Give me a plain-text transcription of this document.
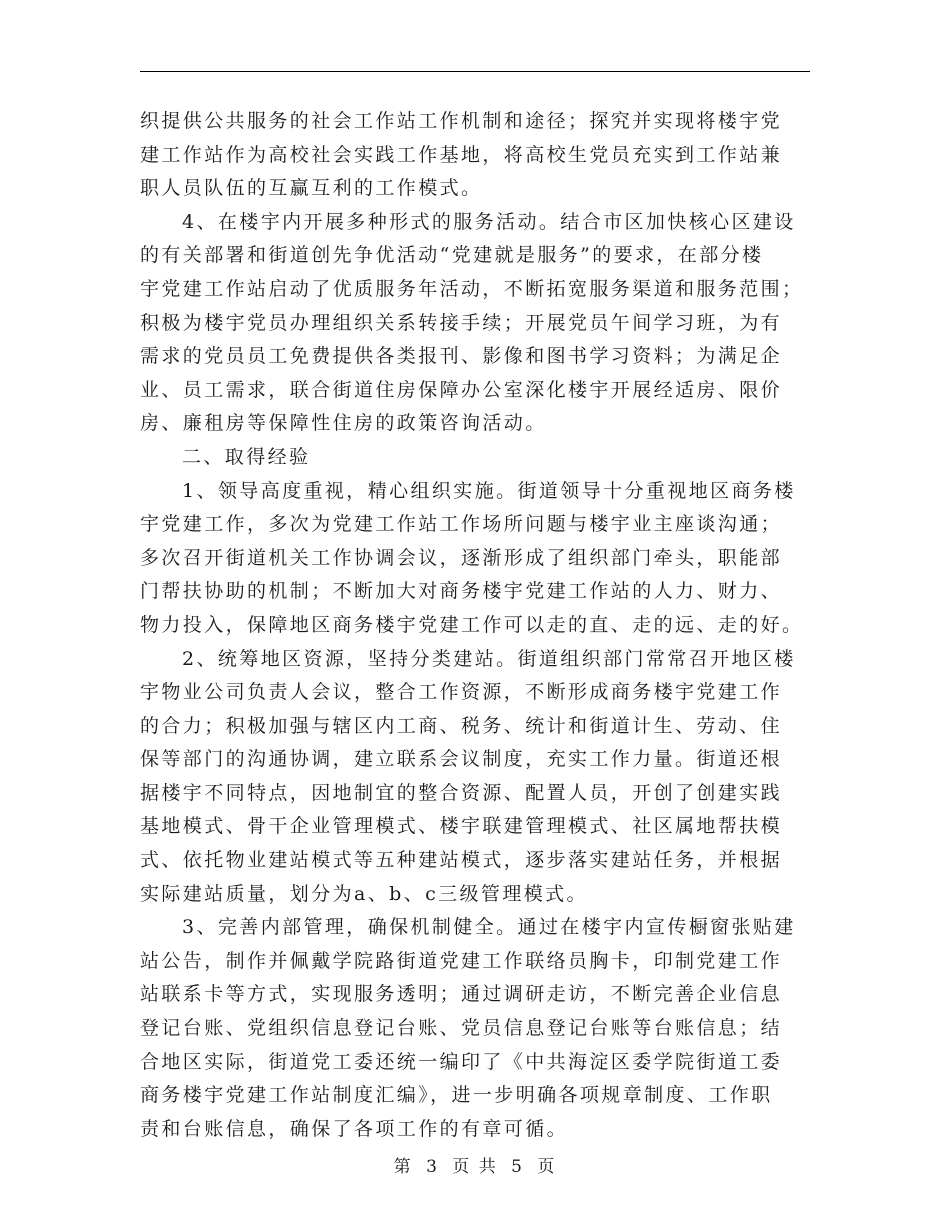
织提供公共服务的社会工作站工作机制和途径；探究并实现将楼宇党
建工作站作为高校社会实践工作基地，将高校生党员充实到工作站兼
职人员队伍的互赢互利的工作模式。
4、在楼宇内开展多种形式的服务活动。结合市区加快核心区建设
的有关部署和街道创先争优活动“党建就是服务”的要求，在部分楼
宇党建工作站启动了优质服务年活动，不断拓宽服务渠道和服务范围；
积极为楼宇党员办理组织关系转接手续；开展党员午间学习班，为有
需求的党员员工免费提供各类报刊、影像和图书学习资料；为满足企
业、员工需求，联合街道住房保障办公室深化楼宇开展经适房、限价
房、廉租房等保障性住房的政策咨询活动。
二、取得经验
1、领导高度重视，精心组织实施。街道领导十分重视地区商务楼
宇党建工作，多次为党建工作站工作场所问题与楼宇业主座谈沟通；
多次召开街道机关工作协调会议，逐渐形成了组织部门牵头，职能部
门帮扶协助的机制；不断加大对商务楼宇党建工作站的人力、财力、
物力投入，保障地区商务楼宇党建工作可以走的直、走的远、走的好。
2、统筹地区资源，坚持分类建站。街道组织部门常常召开地区楼
宇物业公司负责人会议，整合工作资源，不断形成商务楼宇党建工作
的合力；积极加强与辖区内工商、税务、统计和街道计生、劳动、住
保等部门的沟通协调，建立联系会议制度，充实工作力量。街道还根
据楼宇不同特点，因地制宜的整合资源、配置人员，开创了创建实践
基地模式、骨干企业管理模式、楼宇联建管理模式、社区属地帮扶模
式、依托物业建站模式等五种建站模式，逐步落实建站任务，并根据
实际建站质量，划分为a、b、c三级管理模式。
3、完善内部管理，确保机制健全。通过在楼宇内宣传橱窗张贴建
站公告，制作并佩戴学院路街道党建工作联络员胸卡，印制党建工作
站联系卡等方式，实现服务透明；通过调研走访，不断完善企业信息
登记台账、党组织信息登记台账、党员信息登记台账等台账信息；结
合地区实际，街道党工委还统一编印了《中共海淀区委学院街道工委
商务楼宇党建工作站制度汇编》，进一步明确各项规章制度、工作职
责和台账信息，确保了各项工作的有章可循。
第 3 页 共 5 页
